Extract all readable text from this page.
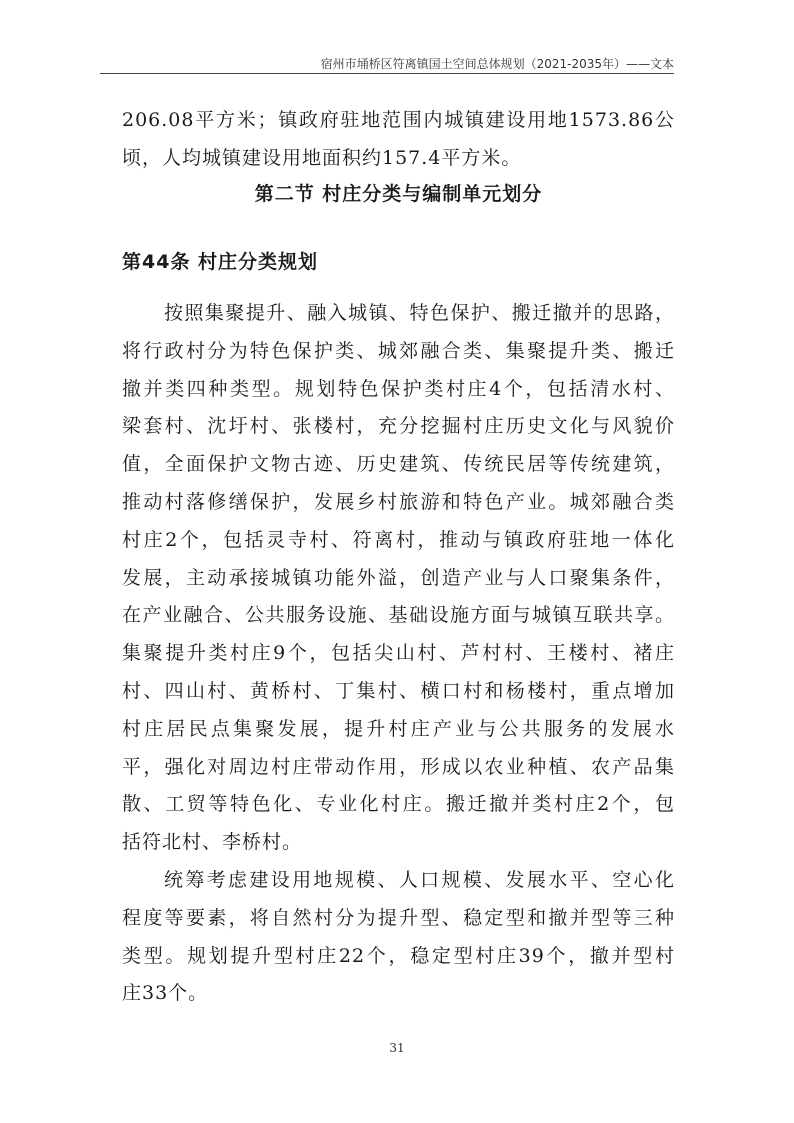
宿州市埇桥区符离镇国土空间总体规划（2021-2035年）——文本
206.08平方米；镇政府驻地范围内城镇建设用地1573.86公
顷，人均城镇建设用地面积约157.4平方米。
第二节 村庄分类与编制单元划分
第44条 村庄分类规划
按照集聚提升、融入城镇、特色保护、搬迁撤并的思路，
将行政村分为特色保护类、城郊融合类、集聚提升类、搬迁
撤并类四种类型。规划特色保护类村庄4个，包括清水村、
梁套村、沈圩村、张楼村，充分挖掘村庄历史文化与风貌价
值，全面保护文物古迹、历史建筑、传统民居等传统建筑，
推动村落修缮保护，发展乡村旅游和特色产业。城郊融合类
村庄2个，包括灵寺村、符离村，推动与镇政府驻地一体化
发展，主动承接城镇功能外溢，创造产业与人口聚集条件，
在产业融合、公共服务设施、基础设施方面与城镇互联共享。
集聚提升类村庄9个，包括尖山村、芦村村、王楼村、褚庄
村、四山村、黄桥村、丁集村、横口村和杨楼村，重点增加
村庄居民点集聚发展，提升村庄产业与公共服务的发展水
平，强化对周边村庄带动作用，形成以农业种植、农产品集
散、工贸等特色化、专业化村庄。搬迁撤并类村庄2个，包
括符北村、李桥村。
统筹考虑建设用地规模、人口规模、发展水平、空心化
程度等要素，将自然村分为提升型、稳定型和撤并型等三种
类型。规划提升型村庄22个，稳定型村庄39个，撤并型村
庄33个。
31
